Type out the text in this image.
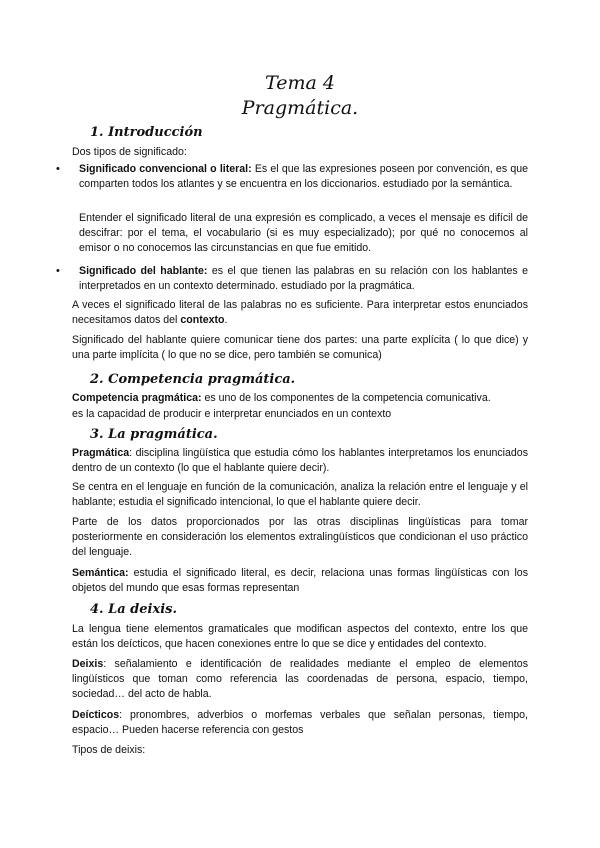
Tema 4
Pragmática.
1. Introducción
Dos tipos de significado:
• Significado convencional o literal: Es el que las expresiones poseen por convención, es que comparten todos los atlantes y se encuentra en los diccionarios. estudiado por la semántica.
Entender el significado literal de una expresión es complicado, a veces el mensaje es difícil de descifrar: por el tema, el vocabulario (si es muy especializado); por qué no conocemos al emisor o no conocemos las circunstancias en que fue emitido.
• Significado del hablante: es el que tienen las palabras en su relación con los hablantes e interpretados en un contexto determinado. estudiado por la pragmática.
A veces el significado literal de las palabras no es suficiente. Para interpretar estos enunciados necesitamos datos del contexto.
Significado del hablante quiere comunicar tiene dos partes: una parte explícita ( lo que dice) y una parte implícita ( lo que no se dice, pero también se comunica)
2. Competencia pragmática.
Competencia pragmática: es uno de los componentes de la competencia comunicativa.
es la capacidad de producir e interpretar enunciados en un contexto
3. La pragmática.
Pragmática: disciplina lingüística que estudia cómo los hablantes interpretamos los enunciados dentro de un contexto (lo que el hablante quiere decir).
Se centra en el lenguaje en función de la comunicación, analiza la relación entre el lenguaje y el hablante; estudia el significado intencional, lo que el hablante quiere decir.
Parte de los datos proporcionados por las otras disciplinas lingüísticas para tomar posteriormente en consideración los elementos extralingüísticos que condicionan el uso práctico del lenguaje.
Semántica: estudia el significado literal, es decir, relaciona unas formas lingüísticas con los objetos del mundo que esas formas representan
4. La deixis.
La lengua tiene elementos gramaticales que modifican aspectos del contexto, entre los que están los deícticos, que hacen conexiones entre lo que se dice y entidades del contexto.
Deixis: señalamiento e identificación de realidades mediante el empleo de elementos lingüísticos que toman como referencia las coordenadas de persona, espacio, tiempo, sociedad… del acto de habla.
Deícticos: pronombres, adverbios o morfemas verbales que señalan personas, tiempo, espacio… Pueden hacerse referencia con gestos
Tipos de deixis:
